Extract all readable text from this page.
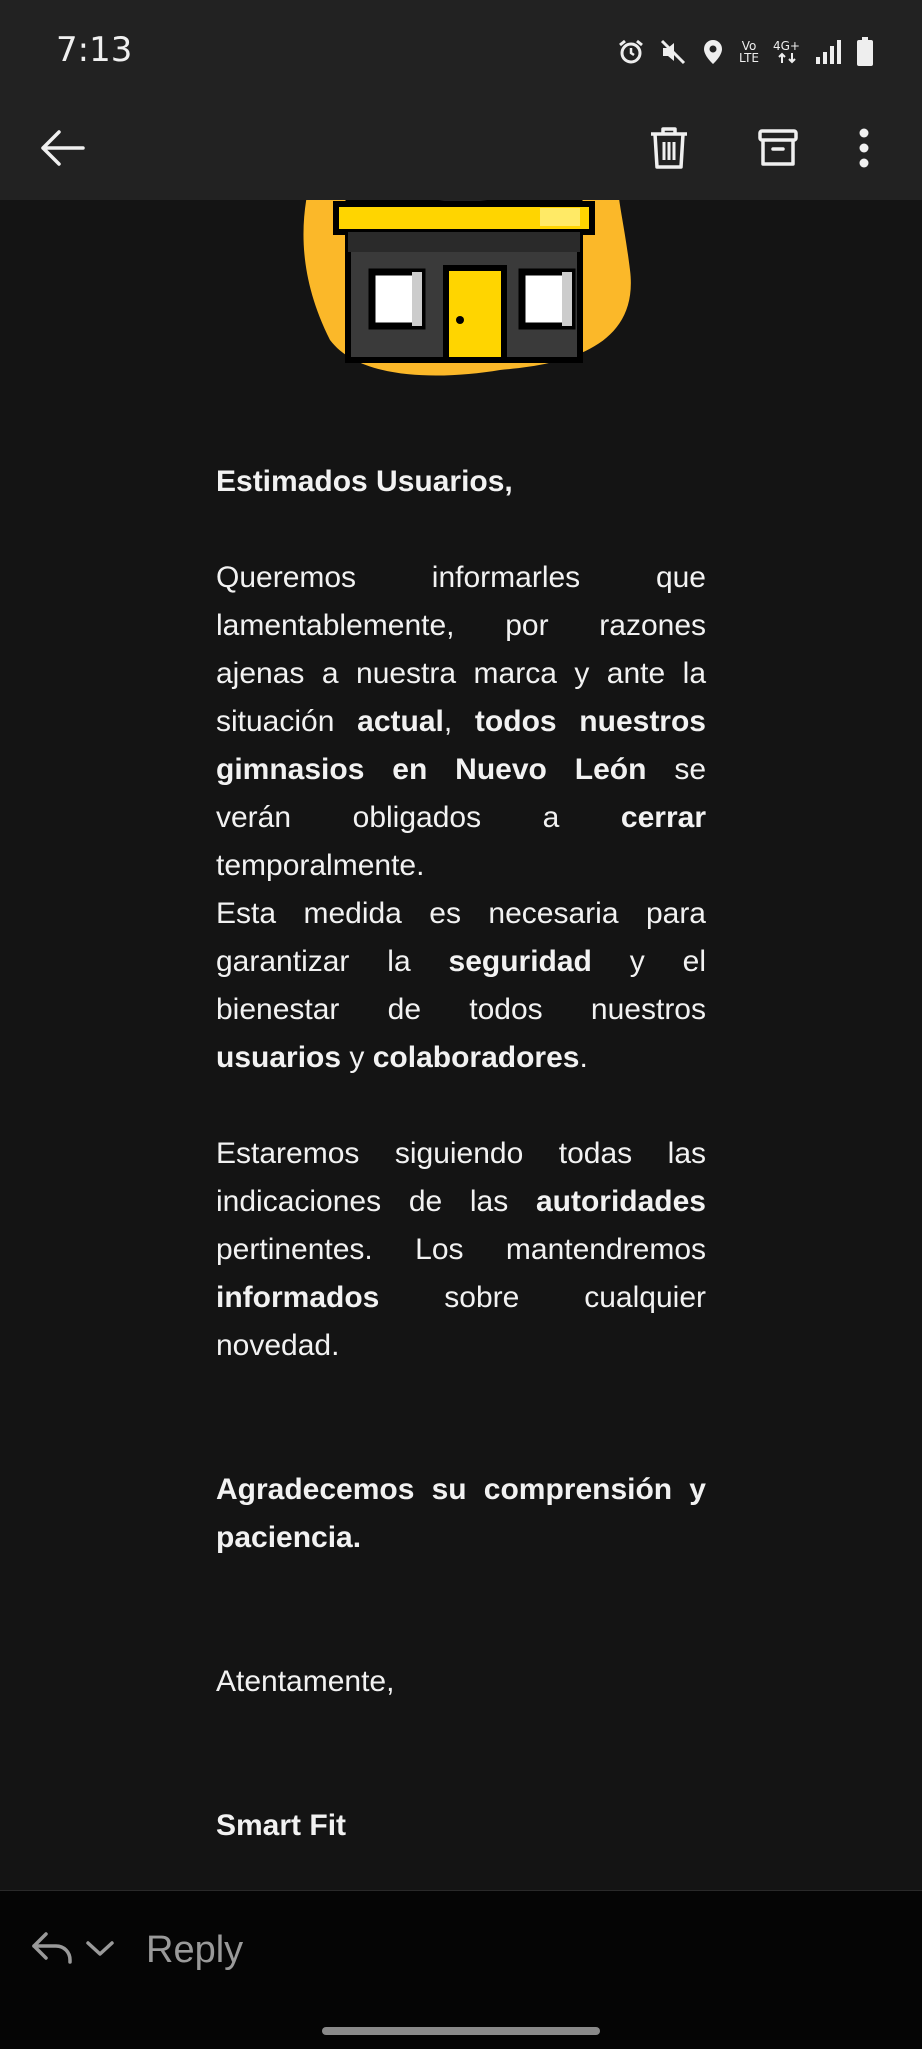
7:13	Vo
LTE
4G+

Estimados Usuarios,

Queremos informarles que lamentablemente, por razones ajenas a nuestra marca y ante la situación actual, todos nuestros gimnasios en Nuevo León se verán obligados a cerrar temporalmente.

Esta medida es necesaria para garantizar la seguridad y el bienestar de todos nuestros usuarios y colaboradores.

Estaremos siguiendo todas las indicaciones de las autoridades pertinentes. Los mantendremos informados sobre cualquier novedad.

Agradecemos su comprensión y paciencia.

Atentamente,

Smart Fit

Reply
